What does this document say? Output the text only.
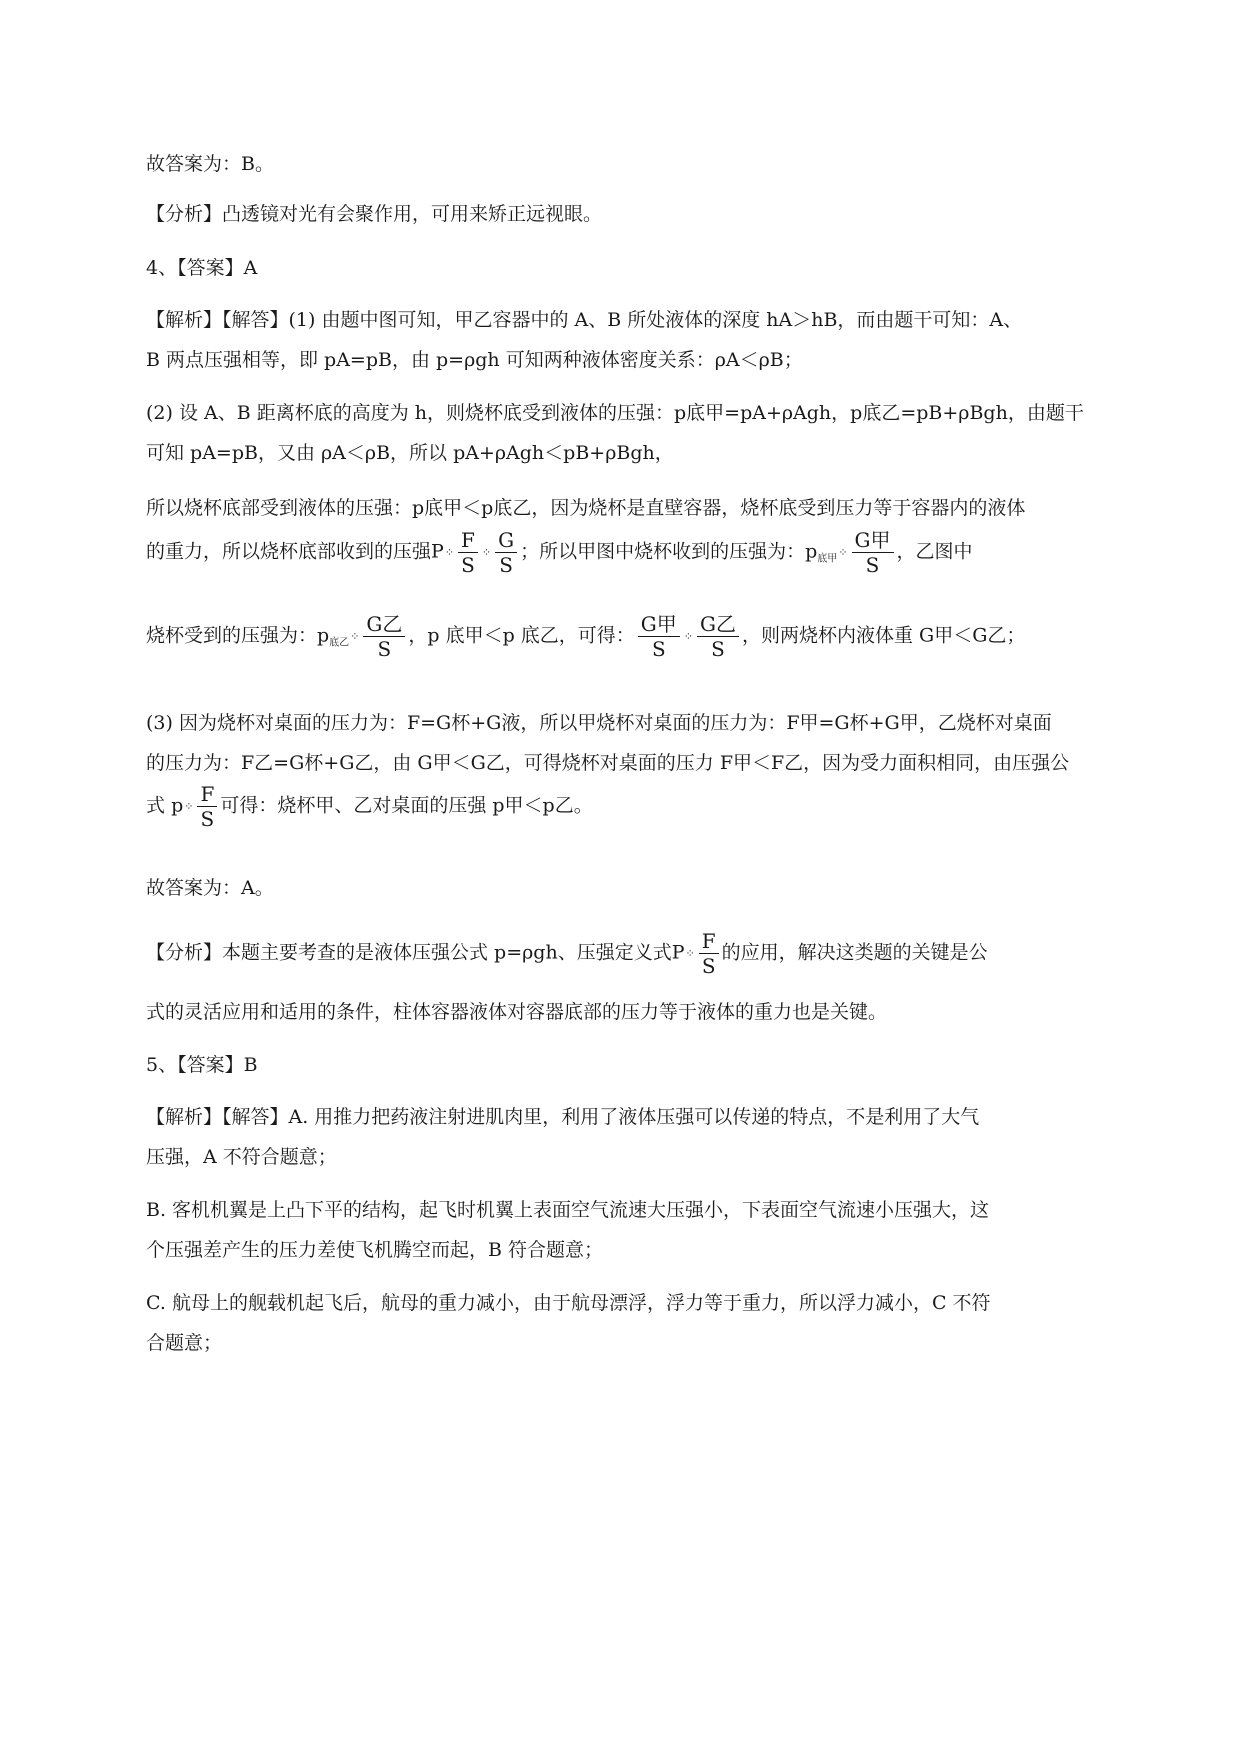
故答案为：B。
【分析】凸透镜对光有会聚作用，可用来矫正远视眼。
4、【答案】A
【解析】【解答】(1) 由题中图可知，甲乙容器中的 A、B 所处液体的深度 hA＞hB，而由题干可知：A、
B 两点压强相等，即 pA=pB，由 p=ρgh 可知两种液体密度关系：ρA＜ρB；
(2) 设 A、B 距离杯底的高度为 h，则烧杯底受到液体的压强：p底甲=pA+ρAgh，p底乙=pB+ρBgh，由题干
可知 pA=pB，又由 ρA＜ρB，所以 pA+ρAgh＜pB+ρBgh，
所以烧杯底部受到液体的压强：p底甲＜p底乙，因为烧杯是直壁容器，烧杯底受到压力等于容器内的液体
的重力，所以烧杯底部收到的压强P⁘ $\frac{F}{S}$ ⁘ $\frac{G}{S}$ ；所以甲图中烧杯收到的压强为：$p_{底甲}⁘ \frac{\text{G甲}}{S}$ ，乙图中
烧杯受到的压强为：$p_{底乙}⁘ \frac{\text{G乙}}{S}$ ，p 底甲＜p 底乙，可得： $\frac{\text{G甲}}{S}$ ⁘ $\frac{\text{G乙}}{S}$ ，则两烧杯内液体重 G甲＜G乙；
(3) 因为烧杯对桌面的压力为：F=G杯+G液，所以甲烧杯对桌面的压力为：F甲=G杯+G甲，乙烧杯对桌面
的压力为：F乙=G杯+G乙，由 G甲＜G乙，可得烧杯对桌面的压力 F甲＜F乙，因为受力面积相同，由压强公
式 p⁘ $\frac{F}{S}$ 可得：烧杯甲、乙对桌面的压强 p甲＜p乙。
故答案为：A。
【分析】本题主要考查的是液体压强公式 p=ρgh、压强定义式P⁘ $\frac{F}{S}$ 的应用，解决这类题的关键是公
式的灵活应用和适用的条件，柱体容器液体对容器底部的压力等于液体的重力也是关键。
5、【答案】B
【解析】【解答】A. 用推力把药液注射进肌肉里，利用了液体压强可以传递的特点，不是利用了大气
压强，A 不符合题意；
B. 客机机翼是上凸下平的结构，起飞时机翼上表面空气流速大压强小，下表面空气流速小压强大，这
个压强差产生的压力差使飞机腾空而起，B 符合题意；
C. 航母上的舰载机起飞后，航母的重力减小，由于航母漂浮，浮力等于重力，所以浮力减小，C 不符
合题意；
